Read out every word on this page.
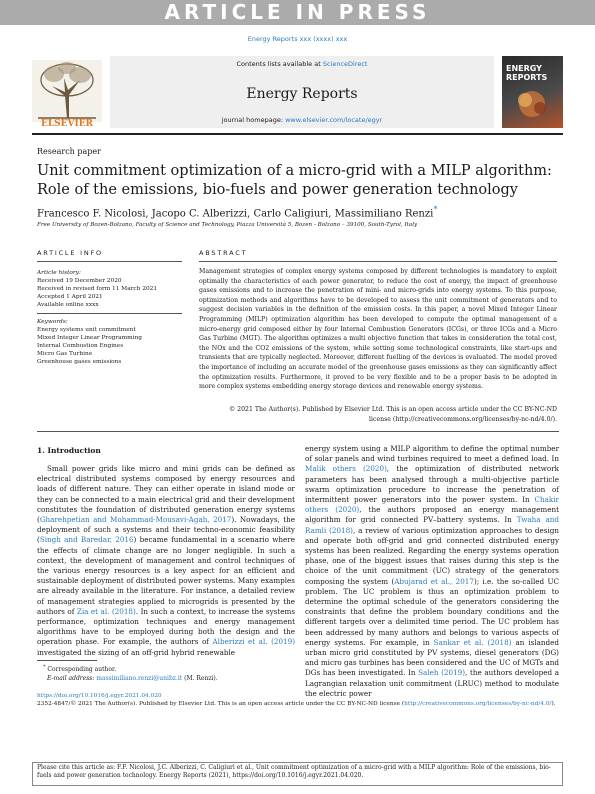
ARTICLE IN PRESS
Energy Reports xxx (xxxx) xxx
ELSEVIER
Contents lists available at ScienceDirect
Energy Reports
journal homepage: www.elsevier.com/locate/egyr
ENERGY REPORTS
Research paper
Unit commitment optimization of a micro-grid with a MILP algorithm:
Role of the emissions, bio-fuels and power generation technology
Francesco F. Nicolosi, Jacopo C. Alberizzi, Carlo Caligiuri, Massimiliano Renzi*
Free University of Bozen-Bolzano, Faculty of Science and Technology, Piazza Università 5, Bozen - Bolzano – 39100, South-Tyrol, Italy
ARTICLE INFO	ABSTRACT
Article history:
Received 19 December 2020
Received in revised form 11 March 2021
Accepted 1 April 2021
Available online xxxx
Keywords:
Energy systems unit commitment
Mixed Integer Linear Programming
Internal Combustion Engines
Micro Gas Turbine
Greenhouse gases emissions
Management strategies of complex energy systems composed by different technologies is mandatory to exploit optimally the characteristics of each power generator, to reduce the cost of energy, the impact of greenhouse gases emissions and to increase the penetration of mini- and micro-grids into energy systems. To this purpose, optimization methods and algorithms have to be developed to assess the unit commitment of generators and to suggest decision variables in the definition of the emission costs. In this paper, a novel Mixed Integer Linear Programming (MILP) optimization algorithm has been developed to compute the optimal management of a micro-energy grid composed either by four Internal Combustion Generators (ICGs), or three ICGs and a Micro Gas Turbine (MGT). The algorithm optimizes a multi objective function that takes in consideration the total cost, the NOx and the CO2 emissions of the system, while setting some technological constraints, like start-ups and transients that are typically neglected. Moreover, different fuelling of the devices is evaluated. The model proved the importance of including an accurate model of the greenhouse gases emissions as they can significantly affect the optimization results. Furthermore, it proved to be very flexible and to be a proper basis to be adopted in more complex systems embedding energy storage devices and renewable energy systems.
© 2021 The Author(s). Published by Elsevier Ltd. This is an open access article under the CC BY-NC-ND
license (http://creativecommons.org/licenses/by-nc-nd/4.0/).
1. Introduction

Small power grids like micro and mini grids can be defined as electrical distributed systems composed by energy resources and loads of different nature. They can either operate in island mode or they can be connected to a main electrical grid and their development constitutes the foundation of distributed generation energy systems (Gharehpetian and Mohammad-Mousavi-Agah, 2017). Nowadays, the deployment of such a systems and their techno-economic feasibility (Singh and Baredar, 2016) became fundamental in a scenario where the effects of climate change are no longer negligible. In such a context, the development of management and control techniques of the various energy resources is a key aspect for an efficient and sustainable deployment of distributed power systems. Many examples are already available in the literature. For instance, a detailed review of management strategies applied to microgrids is presented by the authors of Zia et al. (2018). In such a context, to increase the systems performance, optimization techniques and energy management algorithms have to be employed during both the design and the operation phase. For example, the authors of Alberizzi et al. (2019) investigated the sizing of an off-grid hybrid renewable

energy system using a MILP algorithm to define the optimal number of solar panels and wind turbines required to meet a defined load. In Malik others (2020), the optimization of distributed network parameters has been analysed through a multi-objective particle swarm optimization procedure to increase the penetration of intermittent power generators into the power system. In Chakir others (2020), the authors proposed an energy management algorithm for grid connected PV–battery systems. In Twaha and Ramli (2018), a review of various optimization approaches to design and operate both off-grid and grid connected distributed energy systems has been realized. Regarding the energy systems operation phase, one of the biggest issues that raises during this step is the choice of the unit commitment (UC) strategy of the generators composing the system (Abujarad et al., 2017); i.e. the so-called UC problem. The UC problem is thus an optimization problem to determine the optimal schedule of the generators considering the constraints that define the problem boundary conditions and the different targets over a delimited time period. The UC problem has been addressed by many authors and belongs to various aspects of energy systems. For example, in Sankar et al. (2018) an islanded urban micro grid constituted by PV systems, diesel generators (DG) and micro gas turbines has been considered and the UC of MGTs and DGs has been investigated. In Saleh (2019), the authors developed a Lagrangian relaxation unit commitment (LRUC) method to modulate the electric power

* Corresponding author.
E-mail address: massimiliano.renzi@unibz.it (M. Renzi).
https://doi.org/10.1016/j.egyr.2021.04.020
2352-4847/© 2021 The Author(s). Published by Elsevier Ltd. This is an open access article under the CC BY-NC-ND license (http://creativecommons.org/licenses/by-nc-nd/4.0/).
Please cite this article as: F.F. Nicolosi, J.C. Alberizzi, C. Caligiuri et al., Unit commitment optimization of a micro-grid with a MILP algorithm: Role of the emissions, bio-fuels and power generation technology. Energy Reports (2021), https://doi.org/10.1016/j.egyr.2021.04.020.
